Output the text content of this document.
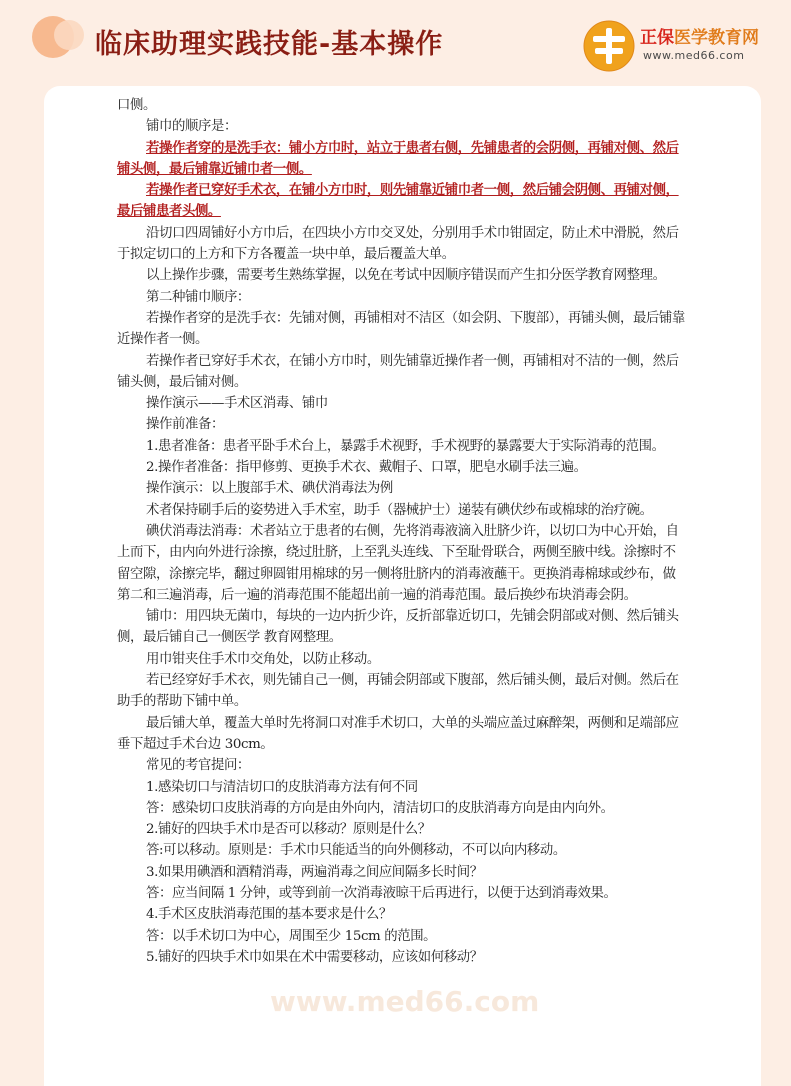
临床助理实践技能-基本操作	正保医学教育网
www.med66.com

口侧。

铺巾的顺序是：

若操作者穿的是洗手衣：铺小方巾时，站立于患者右侧，先铺患者的会阴侧，再铺对侧、然后铺头侧，最后铺靠近铺巾者一侧。

若操作者已穿好手术衣，在铺小方巾时，则先铺靠近铺巾者一侧，然后铺会阴侧、再铺对侧，最后铺患者头侧。

沿切口四周铺好小方巾后，在四块小方巾交叉处，分别用手术巾钳固定，防止术中滑脱，然后于拟定切口的上方和下方各覆盖一块中单，最后覆盖大单。

以上操作步骤，需要考生熟练掌握，以免在考试中因顺序错误而产生扣分医学教育网整理。

第二种铺巾顺序：

若操作者穿的是洗手衣：先铺对侧，再铺相对不洁区（如会阴、下腹部），再铺头侧，最后铺靠近操作者一侧。

若操作者已穿好手术衣，在铺小方巾时，则先铺靠近操作者一侧，再铺相对不洁的一侧，然后铺头侧，最后铺对侧。

操作演示——手术区消毒、铺巾

操作前准备：

1.患者准备：患者平卧手术台上，暴露手术视野，手术视野的暴露要大于实际消毒的范围。

2.操作者准备：指甲修剪、更换手术衣、戴帽子、口罩，肥皂水刷手法三遍。

操作演示：以上腹部手术、碘伏消毒法为例

术者保持刷手后的姿势进入手术室，助手（器械护士）递装有碘伏纱布或棉球的治疗碗。

碘伏消毒法消毒：术者站立于患者的右侧，先将消毒液滴入肚脐少许，以切口为中心开始，自上而下，由内向外进行涂擦，绕过肚脐，上至乳头连线、下至耻骨联合，两侧至腋中线。涂擦时不留空隙，涂擦完毕，翻过卵圆钳用棉球的另一侧将肚脐内的消毒液蘸干。更换消毒棉球或纱布，做第二和三遍消毒，后一遍的消毒范围不能超出前一遍的消毒范围。最后换纱布块消毒会阴。

铺巾：用四块无菌巾，每块的一边内折少许，反折部靠近切口，先铺会阴部或对侧、然后铺头侧，最后铺自己一侧医学 教育网整理。

用巾钳夹住手术巾交角处，以防止移动。

若已经穿好手术衣，则先铺自己一侧，再铺会阴部或下腹部，然后铺头侧，最后对侧。然后在助手的帮助下铺中单。

最后铺大单，覆盖大单时先将洞口对准手术切口，大单的头端应盖过麻醉架，两侧和足端部应垂下超过手术台边 30cm。

常见的考官提问：

1.感染切口与清洁切口的皮肤消毒方法有何不同

答：感染切口皮肤消毒的方向是由外向内，清洁切口的皮肤消毒方向是由内向外。

2.铺好的四块手术巾是否可以移动？原则是什么？

答:可以移动。原则是：手术巾只能适当的向外侧移动，不可以向内移动。

3.如果用碘酒和酒精消毒，两遍消毒之间应间隔多长时间？

答：应当间隔 1 分钟，或等到前一次消毒液晾干后再进行，以便于达到消毒效果。

4.手术区皮肤消毒范围的基本要求是什么？

答：以手术切口为中心，周围至少 15cm 的范围。

5.铺好的四块手术巾如果在术中需要移动，应该如何移动？

www.med66.com
